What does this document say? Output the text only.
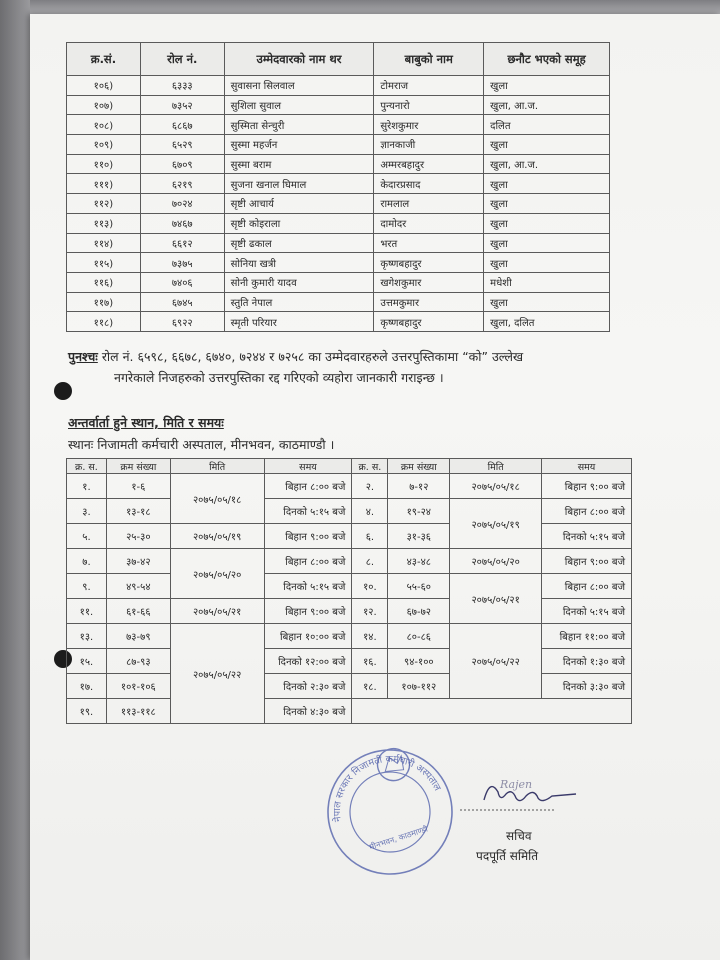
क्र.सं.	रोल नं.	उम्मेदवारको नाम थर	बाबुको नाम	छनौट भएको समूह
१०६)	६३३३	सुवासना सिलवाल	टोमराज	खुला
१०७)	७३५२	सुशिला सुवाल	पुन्यनारो	खुला, आ.ज.
१०८)	६८६७	सुस्मिता सेन्चुरी	सुरेशकुमार	दलित
१०९)	६५२९	सुस्मा महर्जन	ज्ञानकाजी	खुला
११०)	६७०९	सुस्मा बराम	अम्मरबहादुर	खुला, आ.ज.
१११)	६२१९	सुजना खनाल घिमाल	केदारप्रसाद	खुला
११२)	७०२४	सृष्टी आचार्य	रामलाल	खुला
११३)	७४६७	सृष्टी कोइराला	दामोदर	खुला
११४)	६६१२	सृष्टी ढकाल	भरत	खुला
११५)	७३७५	सोनिया खत्री	कृष्णबहादुर	खुला
११६)	७४०६	सोनी कुमारी यादव	खगेशकुमार	मधेशी
११७)	६७४५	स्तुति नेपाल	उत्तमकुमार	खुला
११८)	६९२२	स्मृती परियार	कृष्णबहादुर	खुला, दलित
पुनश्चः रोल नं. ६५९८, ६६७८, ६७४०, ७२४४ र ७२५८ का उम्मेदवारहरुले उत्तरपुस्तिकामा “को” उल्लेख
नगरेकाले निजहरुको उत्तरपुस्तिका रद्द गरिएको व्यहोरा जानकारी गराइन्छ ।
अन्तर्वार्ता हुने स्थान, मिति र समयः
स्थानः निजामती कर्मचारी अस्पताल, मीनभवन, काठमाण्डौ ।
क्र. स.	क्रम संख्या	मिति	समय	क्र. स.	क्रम संख्या	मिति	समय
१.	१-६	२०७५/०५/१८	बिहान ८:०० बजे	२.	७-१२	२०७५/०५/१८	बिहान ९:०० बजे
३.	१३-१८		दिनको ५:१५ बजे	४.	१९-२४	२०७५/०५/१९	बिहान ८:०० बजे
५.	२५-३०	२०७५/०५/१९	बिहान ९:०० बजे	६.	३१-३६		दिनको ५:१५ बजे
७.	३७-४२	२०७५/०५/२०	बिहान ८:०० बजे	८.	४३-४८	२०७५/०५/२०	बिहान ९:०० बजे
९.	४९-५४		दिनको ५:१५ बजे	१०.	५५-६०	२०७५/०५/२१	बिहान ८:०० बजे
११.	६१-६६	२०७५/०५/२१	बिहान ९:०० बजे	१२.	६७-७२		दिनको ५:१५ बजे
१३.	७३-७९	२०७५/०५/२२	बिहान १०:०० बजे	१४.	८०-८६	२०७५/०५/२२	बिहान ११:०० बजे
१५.	८७-९३		दिनको १२:०० बजे	१६.	९४-१००		दिनको १:३० बजे
१७.	१०१-१०६		दिनको २:३० बजे	१८.	१०७-११२		दिनको ३:३० बजे
१९.	११३-११८		दिनको ४:३० बजे				
नेपाल सरकार निजामती कर्मचारी अस्पताल
मीनभवन, काठमाण्डौ
Rajen
सचिव
पदपूर्ति समिति
